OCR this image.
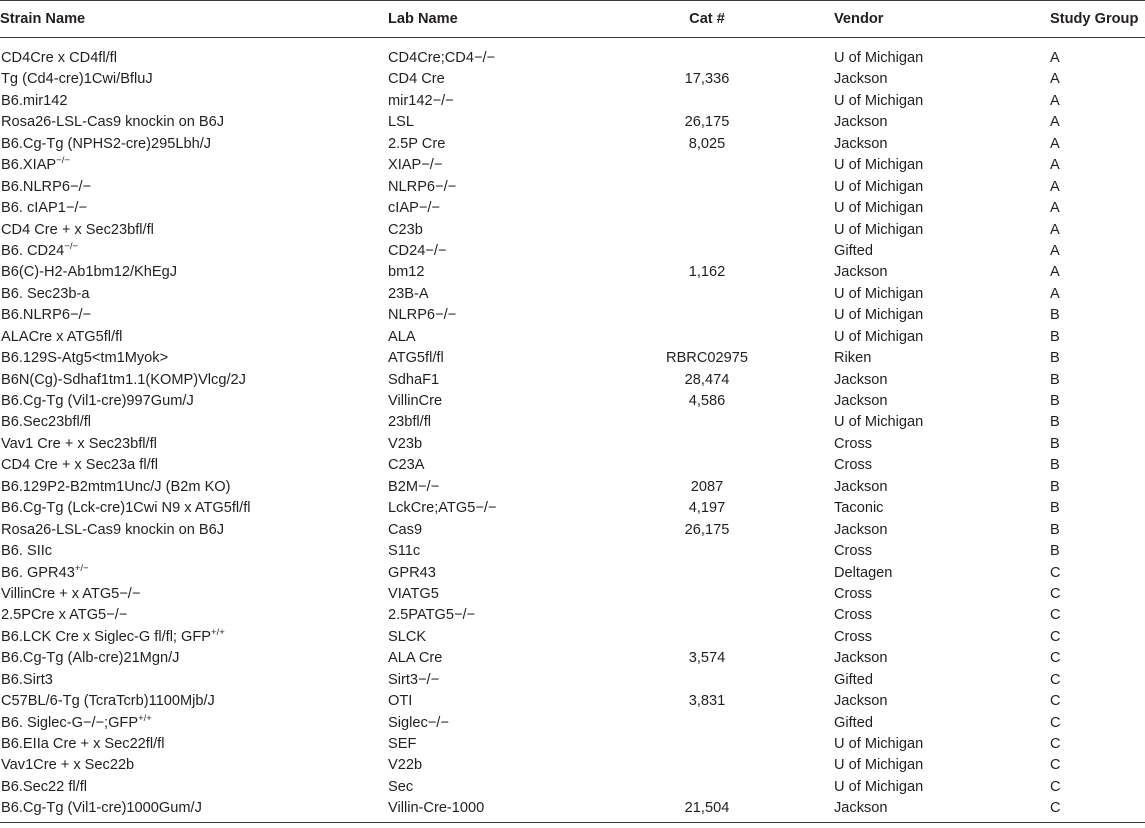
Strain Name	Lab Name	Cat #	Vendor	Study Group
CD4Cre x CD4fl/fl	CD4Cre;CD4−/−		U of Michigan	A
Tg (Cd4-cre)1Cwi/BfluJ	CD4 Cre	17,336	Jackson	A
B6.mir142	mir142−/−		U of Michigan	A
Rosa26-LSL-Cas9 knockin on B6J	LSL	26,175	Jackson	A
B6.Cg-Tg (NPHS2-cre)295Lbh/J	2.5P Cre	8,025	Jackson	A
B6.XIAP−/−	XIAP−/−		U of Michigan	A
B6.NLRP6−/−	NLRP6−/−		U of Michigan	A
B6. cIAP1−/−	cIAP−/−		U of Michigan	A
CD4 Cre + x Sec23bfl/fl	C23b		U of Michigan	A
B6. CD24−/−	CD24−/−		Gifted	A
B6(C)-H2-Ab1bm12/KhEgJ	bm12	1,162	Jackson	A
B6. Sec23b-a	23B-A		U of Michigan	A
B6.NLRP6−/−	NLRP6−/−		U of Michigan	B
ALACre x ATG5fl/fl	ALA		U of Michigan	B
B6.129S-Atg5<tm1Myok>	ATG5fl/fl	RBRC02975	Riken	B
B6N(Cg)-Sdhaf1tm1.1(KOMP)Vlcg/2J	SdhaF1	28,474	Jackson	B
B6.Cg-Tg (Vil1-cre)997Gum/J	VillinCre	4,586	Jackson	B
B6.Sec23bfl/fl	23bfl/fl		U of Michigan	B
Vav1 Cre + x Sec23bfl/fl	V23b		Cross	B
CD4 Cre + x Sec23a fl/fl	C23A		Cross	B
B6.129P2-B2mtm1Unc/J (B2m KO)	B2M−/−	2087	Jackson	B
B6.Cg-Tg (Lck-cre)1Cwi N9 x ATG5fl/fl	LckCre;ATG5−/−	4,197	Taconic	B
Rosa26-LSL-Cas9 knockin on B6J	Cas9	26,175	Jackson	B
B6. SIIc	S11c		Cross	B
B6. GPR43+/−	GPR43		Deltagen	C
VillinCre + x ATG5−/−	VIATG5		Cross	C
2.5PCre x ATG5−/−	2.5PATG5−/−		Cross	C
B6.LCK Cre x Siglec-G fl/fl; GFP+/+	SLCK		Cross	C
B6.Cg-Tg (Alb-cre)21Mgn/J	ALA Cre	3,574	Jackson	C
B6.Sirt3	Sirt3−/−		Gifted	C
C57BL/6-Tg (TcraTcrb)1100Mjb/J	OTI	3,831	Jackson	C
B6. Siglec-G−/−;GFP+/+	Siglec−/−		Gifted	C
B6.EIIa Cre + x Sec22fl/fl	SEF		U of Michigan	C
Vav1Cre + x Sec22b	V22b		U of Michigan	C
B6.Sec22 fl/fl	Sec		U of Michigan	C
B6.Cg-Tg (Vil1-cre)1000Gum/J	Villin-Cre-1000	21,504	Jackson	C
